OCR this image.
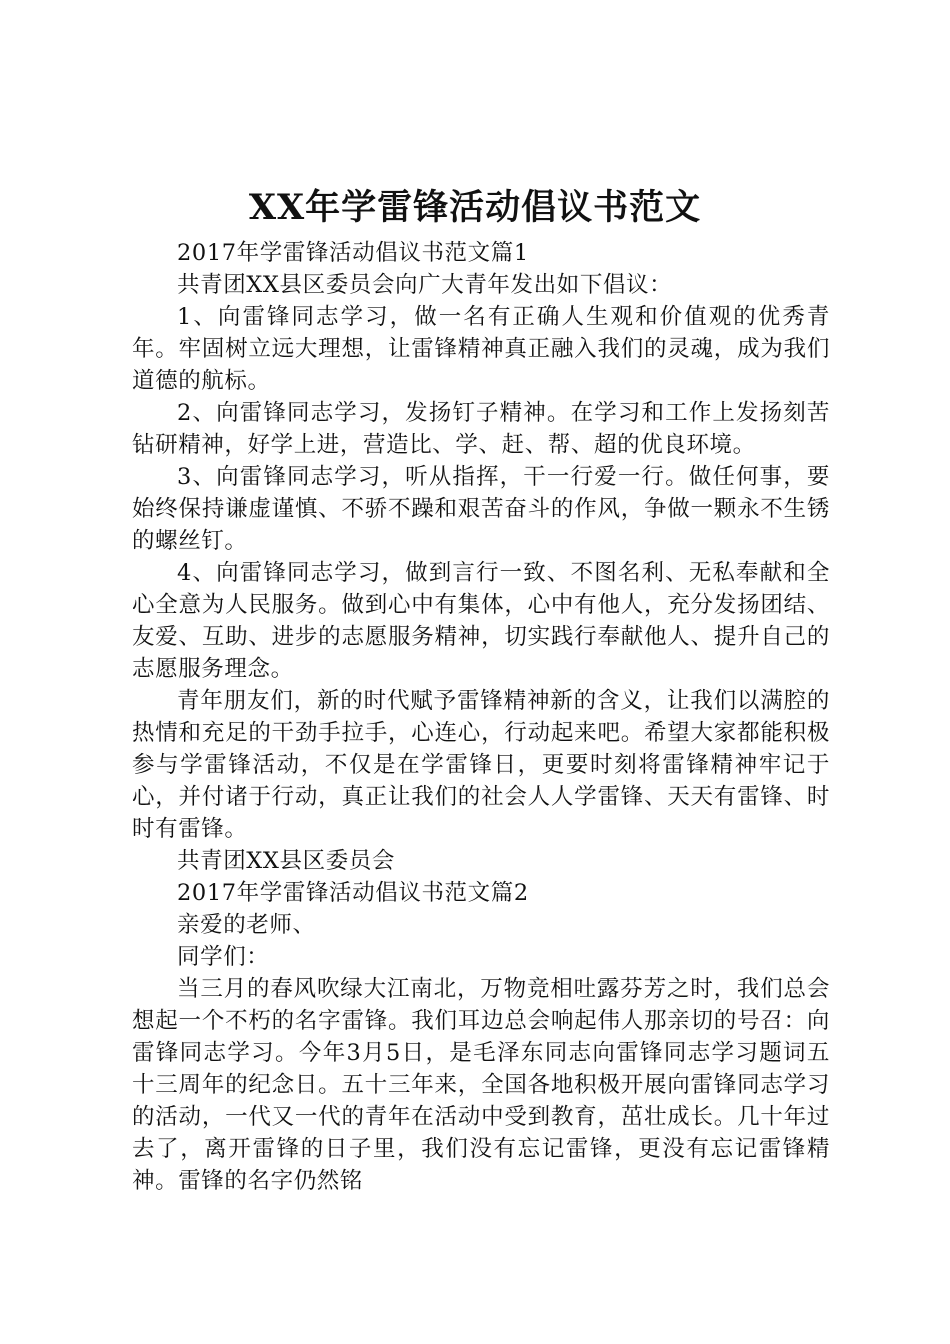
XX年学雷锋活动倡议书范文

2017年学雷锋活动倡议书范文篇1

共青团XX县区委员会向广大青年发出如下倡议：

1、向雷锋同志学习，做一名有正确人生观和价值观的优秀青年。牢固树立远大理想，让雷锋精神真正融入我们的灵魂，成为我们道德的航标。

2、向雷锋同志学习，发扬钉子精神。在学习和工作上发扬刻苦钻研精神，好学上进，营造比、学、赶、帮、超的优良环境。

3、向雷锋同志学习，听从指挥，干一行爱一行。做任何事，要始终保持谦虚谨慎、不骄不躁和艰苦奋斗的作风，争做一颗永不生锈的螺丝钉。

4、向雷锋同志学习，做到言行一致、不图名利、无私奉献和全心全意为人民服务。做到心中有集体，心中有他人，充分发扬团结、友爱、互助、进步的志愿服务精神，切实践行奉献他人、提升自己的志愿服务理念。

青年朋友们，新的时代赋予雷锋精神新的含义，让我们以满腔的热情和充足的干劲手拉手，心连心，行动起来吧。希望大家都能积极参与学雷锋活动，不仅是在学雷锋日，更要时刻将雷锋精神牢记于心，并付诸于行动，真正让我们的社会人人学雷锋、天天有雷锋、时时有雷锋。

共青团XX县区委员会

2017年学雷锋活动倡议书范文篇2

亲爱的老师、

同学们：

当三月的春风吹绿大江南北，万物竞相吐露芬芳之时，我们总会想起一个不朽的名字雷锋。我们耳边总会响起伟人那亲切的号召：向雷锋同志学习。今年3月5日，是毛泽东同志向雷锋同志学习题词五十三周年的纪念日。五十三年来，全国各地积极开展向雷锋同志学习的活动，一代又一代的青年在活动中受到教育，茁壮成长。几十年过去了，离开雷锋的日子里，我们没有忘记雷锋，更没有忘记雷锋精神。雷锋的名字仍然铭
